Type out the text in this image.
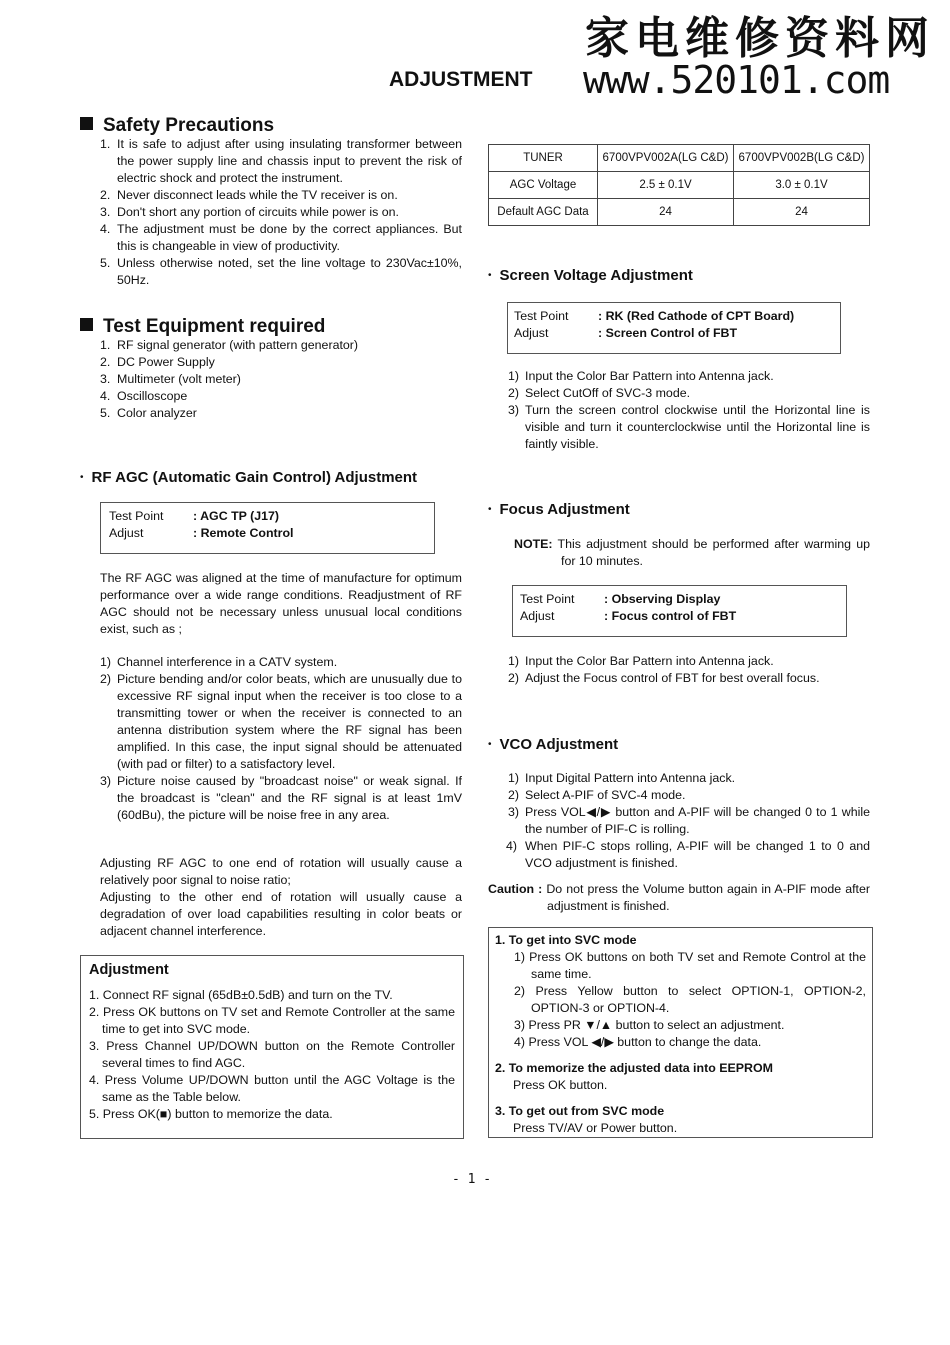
家电维修资料网
www.520101.com
ADJUSTMENT
Safety Precautions
1. It is safe to adjust after using insulating transformer between the power supply line and chassis input to prevent the risk of electric shock and protect the instrument.
2. Never disconnect leads while the TV receiver is on.
3. Don't short any portion of circuits while power is on.
4. The adjustment must be done by the correct appliances. But this is changeable in view of productivity.
5. Unless otherwise noted, set the line voltage to 230Vac±10%, 50Hz.
Test Equipment required
1. RF signal generator (with pattern generator)
2. DC Power Supply
3. Multimeter (volt meter)
4. Oscilloscope
5. Color analyzer
• RF AGC (Automatic Gain Control) Adjustment
Test Point : AGC TP (J17)
Adjust	: Remote Control

The RF AGC was aligned at the time of manufacture for optimum performance over a wide range conditions. Readjustment of RF AGC should not be necessary unless unusual local conditions exist, such as ;

1) Channel interference in a CATV system.
2) Picture bending and/or color beats, which are unusually due to excessive RF signal input when the receiver is too close to a transmitting tower or when the receiver is connected to an antenna distribution system where the RF signal has been amplified. In this case, the input signal should be attenuated (with pad or filter) to a satisfactory level.
3) Picture noise caused by "broadcast noise" or weak signal. If the broadcast is "clean" and the RF signal is at least 1mV (60dBu), the picture will be noise free in any area.

Adjusting RF AGC to one end of rotation will usually cause a relatively poor signal to noise ratio;

Adjusting to the other end of rotation will usually cause a degradation of over load capabilities resulting in color beats or adjacent channel interference.

Adjustment
1. Connect RF signal (65dB±0.5dB) and turn on the TV.
2. Press OK buttons on TV set and Remote Controller at the same time to get into SVC mode.
3. Press Channel UP/DOWN button on the Remote Controller several times to find AGC.
4. Press Volume UP/DOWN button until the AGC Voltage is the same as the Table below.
5. Press OK(■) button to memorize the data.
TUNER	6700VPV002A(LG C&D)	6700VPV002B(LG C&D)
AGC Voltage	2.5 ± 0.1V	3.0 ± 0.1V
Default AGC Data	24	24
• Screen Voltage Adjustment
Test Point : RK (Red Cathode of CPT Board)
Adjust	: Screen Control of FBT
1) Input the Color Bar Pattern into Antenna jack.
2) Select CutOff of SVC-3 mode.
3) Turn the screen control clockwise until the Horizontal line is visible and turn it counterclockwise until the Horizontal line is faintly visible.
• Focus Adjustment
NOTE: This adjustment should be performed after warming up for 10 minutes.
Test Point : Observing Display
Adjust	: Focus control of FBT
1) Input the Color Bar Pattern into Antenna jack.
2) Adjust the Focus control of FBT for best overall focus.
• VCO Adjustment
1) Input Digital Pattern into Antenna jack.
2) Select A-PIF of SVC-4 mode.
3) Press VOL◀/▶ button and A-PIF will be changed 0 to 1 while the number of PIF-C is rolling.
4) When PIF-C stops rolling, A-PIF will be changed 1 to 0 and VCO adjustment is finished.
Caution : Do not press the Volume button again in A-PIF mode after adjustment is finished.
1. To get into SVC mode
1) Press OK buttons on both TV set and Remote Control at the same time.
2) Press Yellow button to select OPTION-1, OPTION-2, OPTION-3 or OPTION-4.
3) Press PR ▼/▲ button to select an adjustment.
4) Press VOL ◀/▶ button to change the data.
2. To memorize the adjusted data into EEPROM
Press OK button.
3. To get out from SVC mode
Press TV/AV or Power button.
- 1 -
